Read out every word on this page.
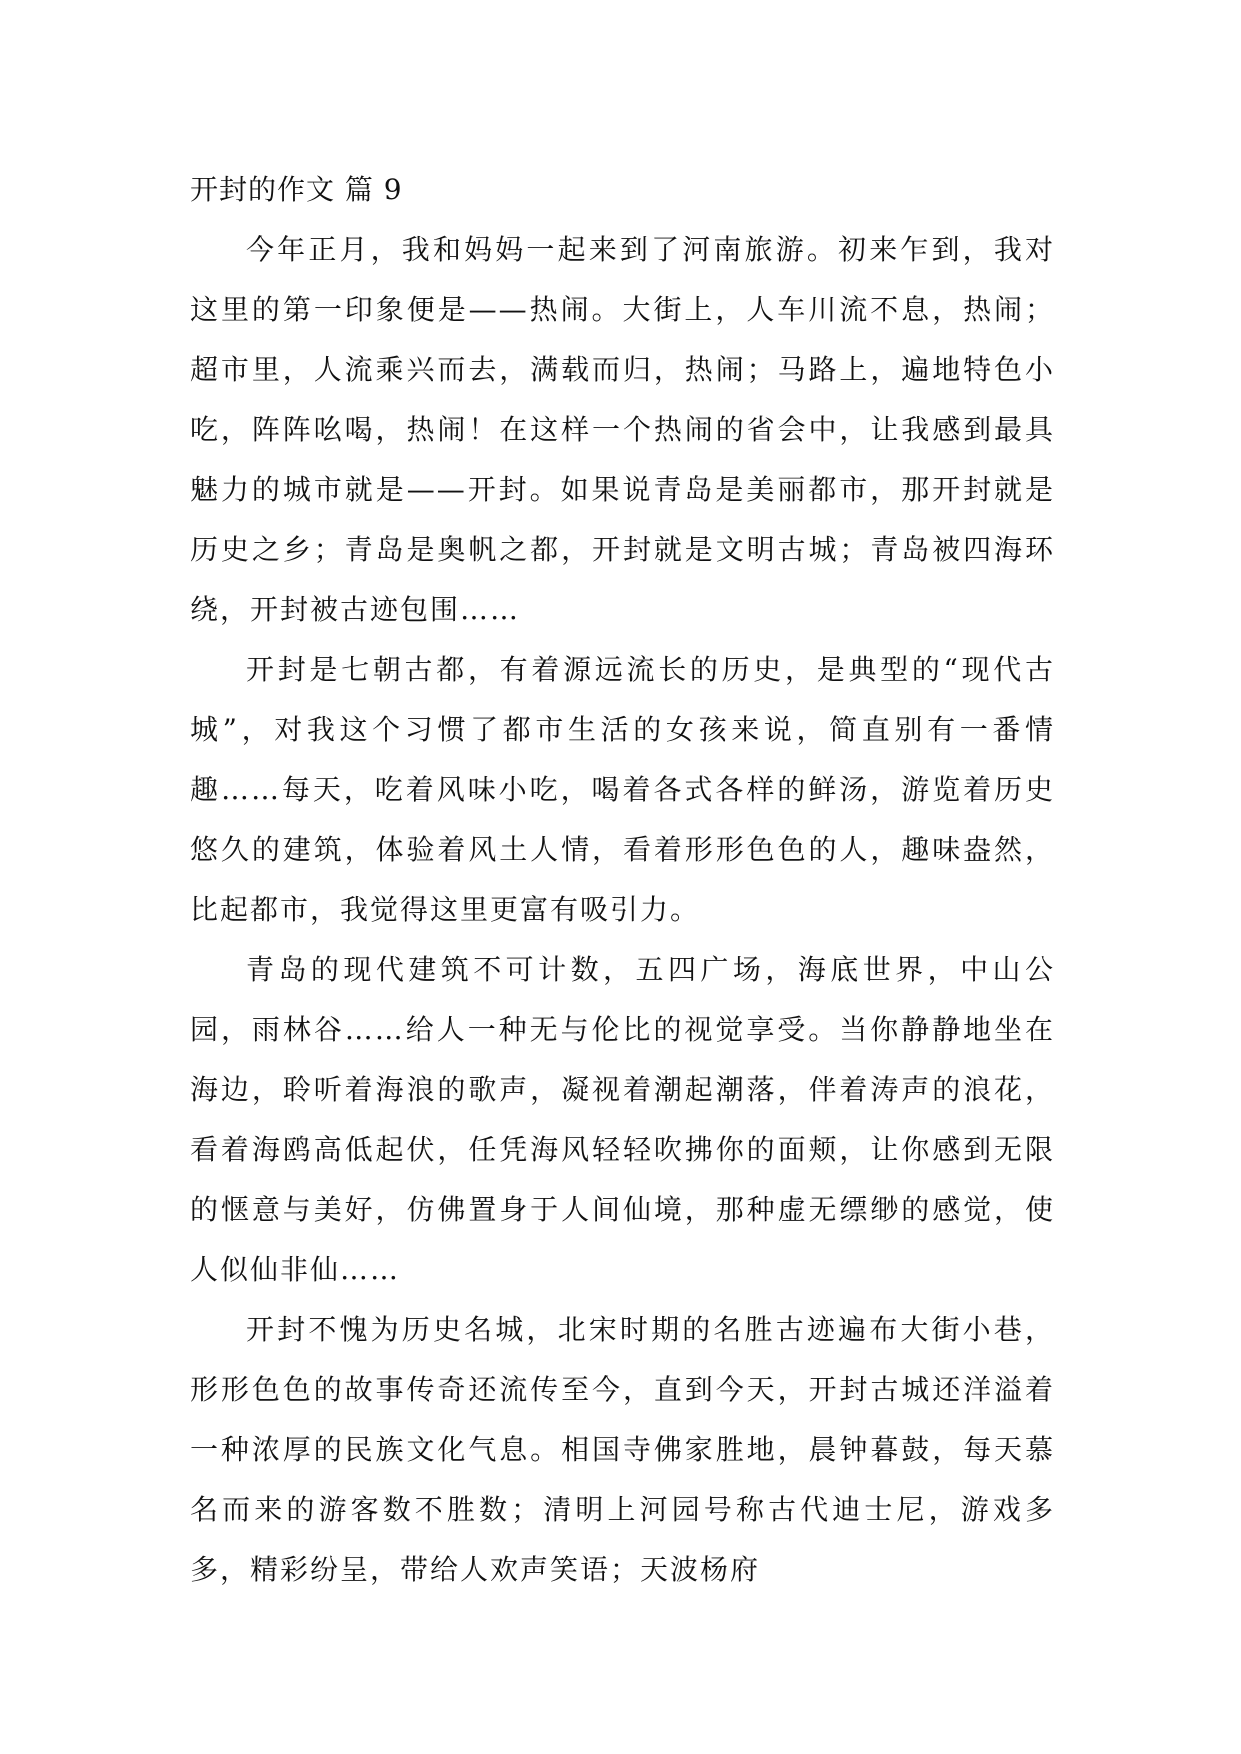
开封的作文 篇 9

今年正月，我和妈妈一起来到了河南旅游。初来乍到，我对这里的第一印象便是——热闹。大街上，人车川流不息，热闹；超市里，人流乘兴而去，满载而归，热闹；马路上，遍地特色小吃，阵阵吆喝，热闹！在这样一个热闹的省会中，让我感到最具魅力的城市就是——开封。如果说青岛是美丽都市，那开封就是历史之乡；青岛是奥帆之都，开封就是文明古城；青岛被四海环绕，开封被古迹包围……

开封是七朝古都，有着源远流长的历史，是典型的“现代古城”，对我这个习惯了都市生活的女孩来说，简直别有一番情趣……每天，吃着风味小吃，喝着各式各样的鲜汤，游览着历史悠久的建筑，体验着风土人情，看着形形色色的人，趣味盎然，比起都市，我觉得这里更富有吸引力。

青岛的现代建筑不可计数，五四广场，海底世界，中山公园，雨林谷……给人一种无与伦比的视觉享受。当你静静地坐在海边，聆听着海浪的歌声，凝视着潮起潮落，伴着涛声的浪花，看着海鸥高低起伏，任凭海风轻轻吹拂你的面颊，让你感到无限的惬意与美好，仿佛置身于人间仙境，那种虚无缥缈的感觉，使人似仙非仙……

开封不愧为历史名城，北宋时期的名胜古迹遍布大街小巷，形形色色的故事传奇还流传至今，直到今天，开封古城还洋溢着一种浓厚的民族文化气息。相国寺佛家胜地，晨钟暮鼓，每天慕名而来的游客数不胜数；清明上河园号称古代迪士尼，游戏多多，精彩纷呈，带给人欢声笑语；天波杨府
